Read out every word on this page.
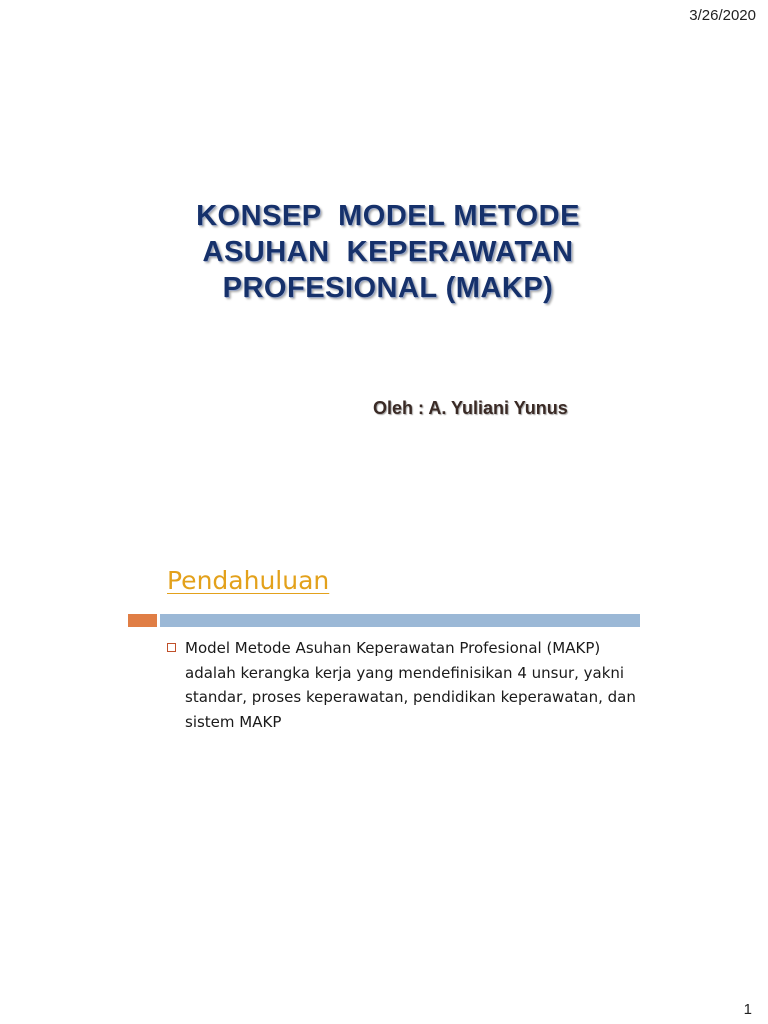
3/26/2020
KONSEP  MODEL METODE
ASUHAN  KEPERAWATAN
PROFESIONAL (MAKP)
Oleh : A. Yuliani Yunus
Pendahuluan
Model Metode Asuhan Keperawatan Profesional (MAKP) adalah kerangka kerja yang mendefinisikan 4 unsur, yakni standar, proses keperawatan, pendidikan keperawatan, dan sistem MAKP
1
